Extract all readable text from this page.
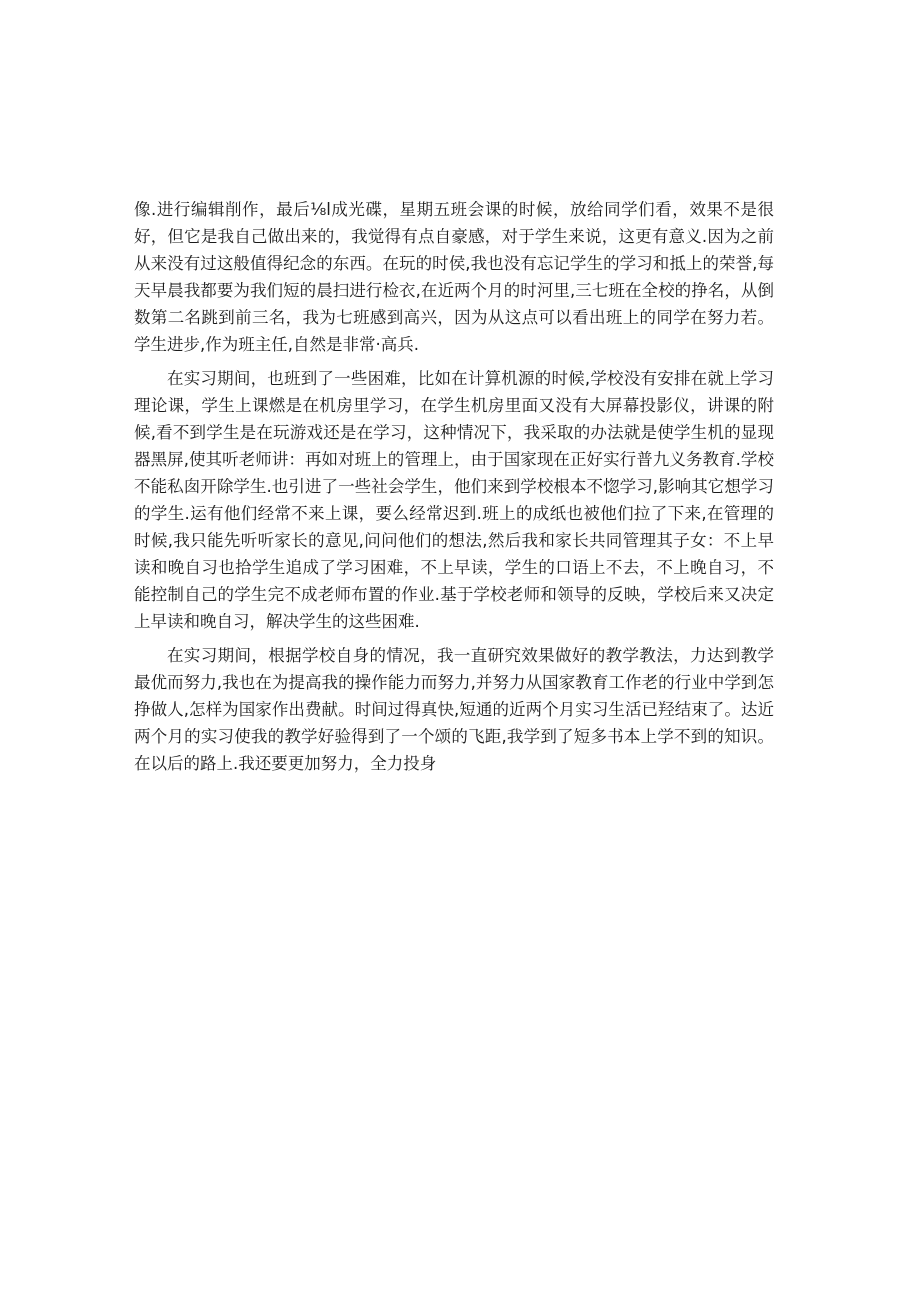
像.进行编辑削作，最后⅛l成光碟，星期五班会课的时候，放给同学们看，效果不是很好，但它是我自己做出来的，我觉得有点自豪感，对于学生来说，这更有意义.因为之前从来没有过这般值得纪念的东西。在玩的时侯,我也没有忘记学生的学习和抵上的荣誉,每天早晨我都要为我们短的晨扫进行检衣,在近两个月的时河里,三七班在全校的挣名，从倒数第二名跳到前三名，我为七班感到高兴，因为从这点可以看出班上的同学在努力若。学生进步,作为班主任,自然是非常·高兵.

在实习期间，也班到了一些困难，比如在计算机源的时候,学校没有安排在就上学习理论课，学生上课燃是在机房里学习，在学生机房里面又没有大屏幕投影仪，讲课的附候,看不到学生是在玩游戏还是在学习，这种情况下，我采取的办法就是使学生机的显现器黑屏,使其听老师讲：再如对班上的管理上，由于国家现在正好实行普九义务教育.学校不能私囱开除学生.也引进了一些社会学生，他们来到学校根本不惚学习,影响其它想学习的学生.运有他们经常不来上课，要么经常迟到.班上的成纸也被他们拉了下来,在管理的时候,我只能先听听家长的意见,问问他们的想法,然后我和家长共同管理其子女：不上早读和晚自习也拾学生追成了学习困难，不上早读，学生的口语上不去，不上晚自习，不能控制自己的学生完不成老师布置的作业.基于学校老师和领导的反映，学校后来又决定上早读和晚自习，解决学生的这些困难.

在实习期间，根据学校自身的情况，我一直研究效果做好的教学教法，力达到教学最优而努力,我也在为提高我的操作能力而努力,并努力从国家教育工作老的行业中学到怎挣做人,怎样为国家作出费献。时间过得真快,短通的近两个月实习生活已羟结束了。达近两个月的实习使我的教学好验得到了一个颂的飞距,我学到了短多书本上学不到的知识。在以后的路上.我还要更加努力，全力投身
